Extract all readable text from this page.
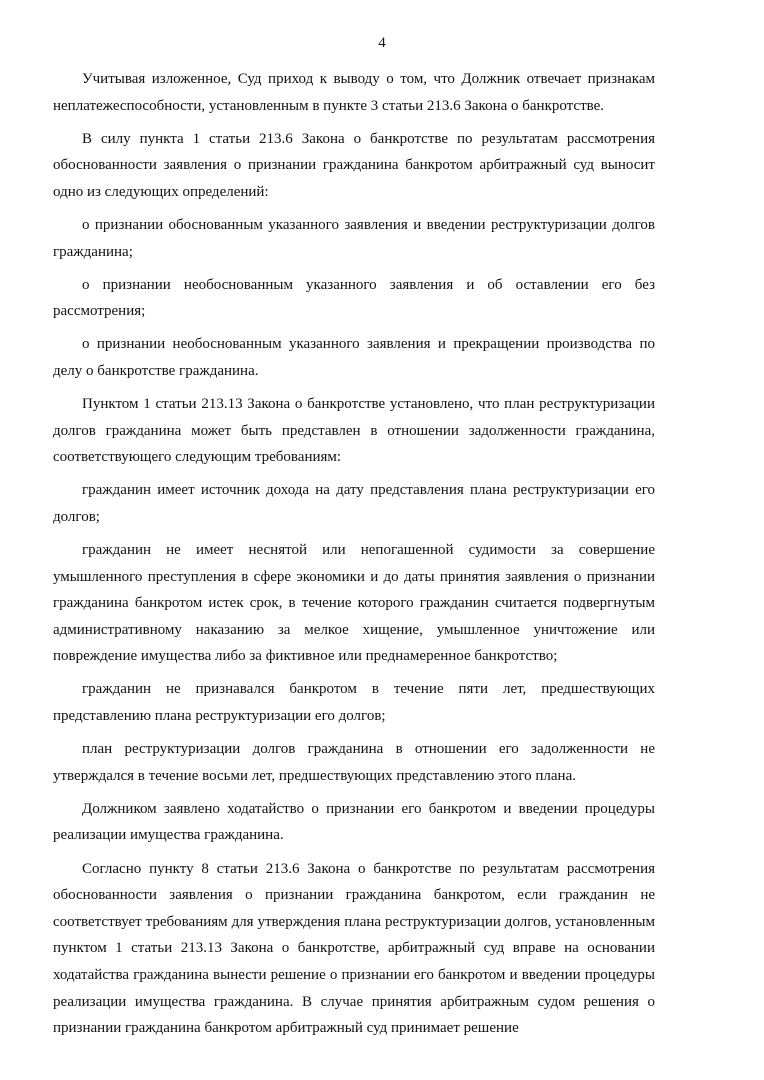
4

Учитывая изложенное, Суд приход к выводу о том, что Должник отвечает признакам неплатежеспособности, установленным в пункте 3 статьи 213.6 Закона о банкротстве.

В силу пункта 1 статьи 213.6 Закона о банкротстве по результатам рассмотрения обоснованности заявления о признании гражданина банкротом арбитражный суд выносит одно из следующих определений:

о признании обоснованным указанного заявления и введении реструктуризации долгов гражданина;

о признании необоснованным указанного заявления и об оставлении его без рассмотрения;

о признании необоснованным указанного заявления и прекращении производства по делу о банкротстве гражданина.

Пунктом 1 статьи 213.13 Закона о банкротстве установлено, что план реструктуризации долгов гражданина может быть представлен в отношении задолженности гражданина, соответствующего следующим требованиям:

гражданин имеет источник дохода на дату представления плана реструктуризации его долгов;

гражданин не имеет неснятой или непогашенной судимости за совершение умышленного преступления в сфере экономики и до даты принятия заявления о признании гражданина банкротом истек срок, в течение которого гражданин считается подвергнутым административному наказанию за мелкое хищение, умышленное уничтожение или повреждение имущества либо за фиктивное или преднамеренное банкротство;

гражданин не признавался банкротом в течение пяти лет, предшествующих представлению плана реструктуризации его долгов;

план реструктуризации долгов гражданина в отношении его задолженности не утверждался в течение восьми лет, предшествующих представлению этого плана.

Должником заявлено ходатайство о признании его банкротом и введении процедуры реализации имущества гражданина.

Согласно пункту 8 статьи 213.6 Закона о банкротстве по результатам рассмотрения обоснованности заявления о признании гражданина банкротом, если гражданин не соответствует требованиям для утверждения плана реструктуризации долгов, установленным пунктом 1 статьи 213.13 Закона о банкротстве, арбитражный суд вправе на основании ходатайства гражданина вынести решение о признании его банкротом и введении процедуры реализации имущества гражданина. В случае принятия арбитражным судом решения о признании гражданина банкротом арбитражный суд принимает решение
